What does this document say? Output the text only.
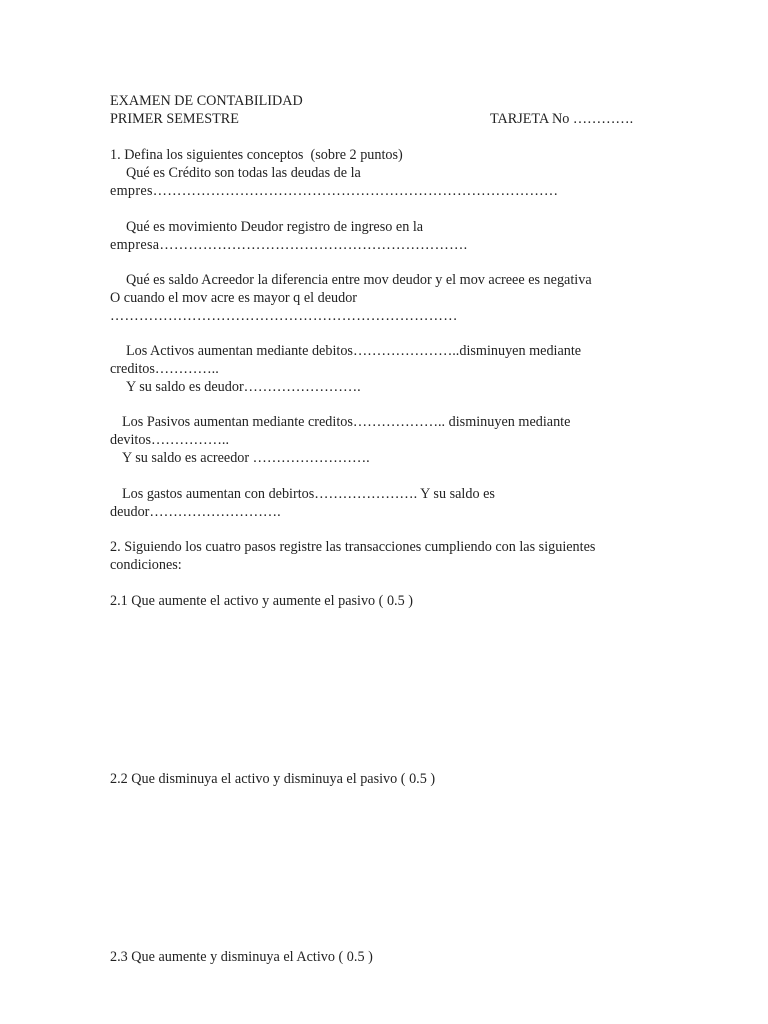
EXAMEN DE CONTABILIDAD
PRIMER SEMESTRE	TARJETA No ………….
1. Defina los siguientes conceptos  (sobre 2 puntos)
Qué es Crédito son todas las deudas de la
empres…………………………………………………………………………
Qué es movimiento Deudor registro de ingreso en la
empresa……………………………………………………….
Qué es saldo Acreedor la diferencia entre mov deudor y el mov acreee es negativa
O cuando el mov acre es mayor q el deudor
………………………………………………………………
Los Activos aumentan mediante debitos…………………..disminuyen mediante
creditos…………..
Y su saldo es deudor…………………….
Los Pasivos aumentan mediante creditos……………….. disminuyen mediante
devitos……………..
Y su saldo es acreedor …………………….
Los gastos aumentan con debirtos…………………. Y su saldo es
deudor……………………….
2. Siguiendo los cuatro pasos registre las transacciones cumpliendo con las siguientes
condiciones:
2.1 Que aumente el activo y aumente el pasivo ( 0.5 )
2.2 Que disminuya el activo y disminuya el pasivo ( 0.5 )
2.3 Que aumente y disminuya el Activo ( 0.5 )
